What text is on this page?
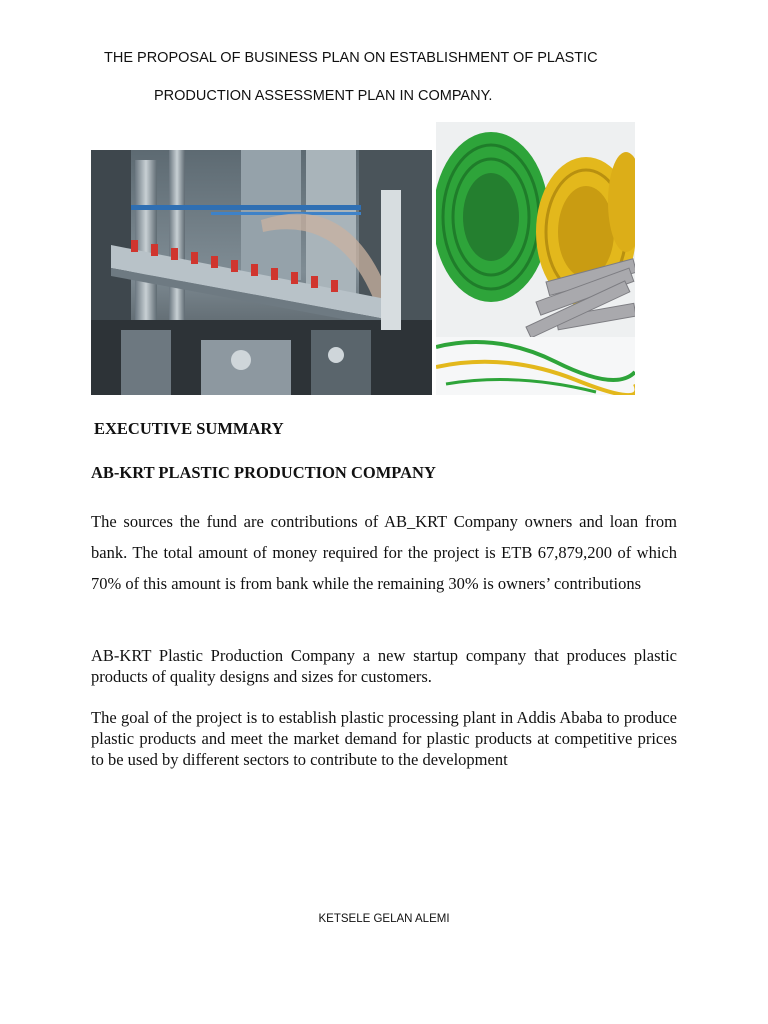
THE PROPOSAL OF BUSINESS PLAN ON ESTABLISHMENT OF PLASTIC
PRODUCTION ASSESSMENT PLAN IN COMPANY.
EXECUTIVE SUMMARY
AB-KRT PLASTIC PRODUCTION COMPANY

The sources the fund are contributions of AB_KRT Company owners and loan from bank. The total amount of money required for the project is ETB 67,879,200 of which 70% of this amount is from bank while the remaining 30% is owners’ contributions

AB-KRT Plastic Production Company a new startup company that produces plastic products of quality designs and sizes for customers.

The goal of the project is to establish plastic processing plant in Addis Ababa to produce plastic products and meet the market demand for plastic products at competitive prices to be used by different sectors to contribute to the development

KETSELE GELAN ALEMI
